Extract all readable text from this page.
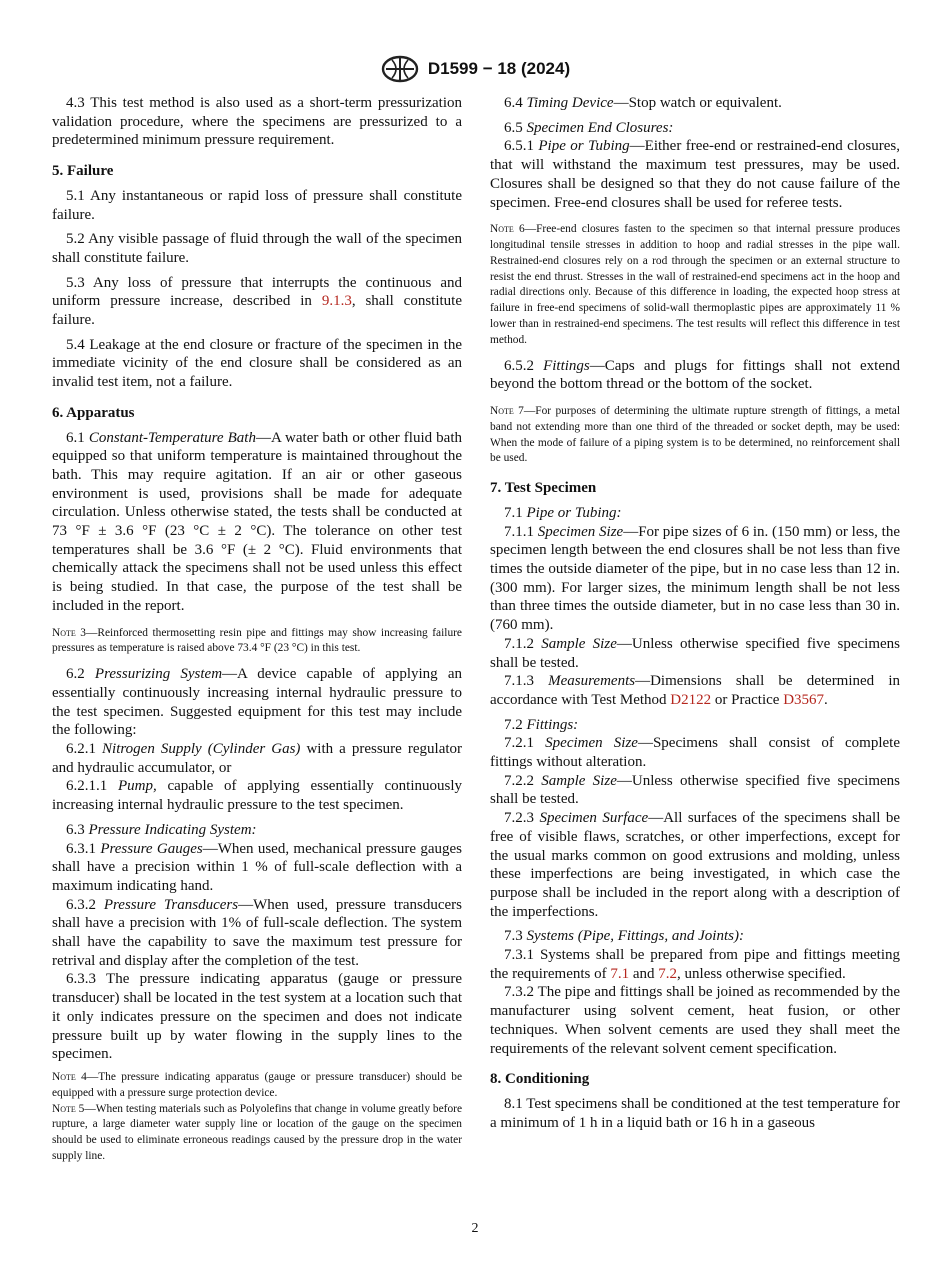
D1599 − 18 (2024)

4.3 This test method is also used as a short-term pressurization validation procedure, where the specimens are pressurized to a predetermined minimum pressure requirement.

5. Failure

5.1 Any instantaneous or rapid loss of pressure shall constitute failure.

5.2 Any visible passage of fluid through the wall of the specimen shall constitute failure.

5.3 Any loss of pressure that interrupts the continuous and uniform pressure increase, described in 9.1.3, shall constitute failure.

5.4 Leakage at the end closure or fracture of the specimen in the immediate vicinity of the end closure shall be considered as an invalid test item, not a failure.

6. Apparatus

6.1 Constant-Temperature Bath—A water bath or other fluid bath equipped so that uniform temperature is maintained throughout the bath. This may require agitation. If an air or other gaseous environment is used, provisions shall be made for adequate circulation. Unless otherwise stated, the tests shall be conducted at 73 °F ± 3.6 °F (23 °C ± 2 °C). The tolerance on other test temperatures shall be 3.6 °F (± 2 °C). Fluid environments that chemically attack the specimens shall not be used unless this effect is being studied. In that case, the purpose of the test shall be included in the report.

Note 3—Reinforced thermosetting resin pipe and fittings may show increasing failure pressures as temperature is raised above 73.4 °F (23 °C) in this test.

6.2 Pressurizing System—A device capable of applying an essentially continuously increasing internal hydraulic pressure to the test specimen. Suggested equipment for this test may include the following:

6.2.1 Nitrogen Supply (Cylinder Gas) with a pressure regulator and hydraulic accumulator, or

6.2.1.1 Pump, capable of applying essentially continuously increasing internal hydraulic pressure to the test specimen.

6.3 Pressure Indicating System:

6.3.1 Pressure Gauges—When used, mechanical pressure gauges shall have a precision within 1 % of full-scale deflection with a maximum indicating hand.

6.3.2 Pressure Transducers—When used, pressure transducers shall have a precision with 1% of full-scale deflection. The system shall have the capability to save the maximum test pressure for retrival and display after the completion of the test.

6.3.3 The pressure indicating apparatus (gauge or pressure transducer) shall be located in the test system at a location such that it only indicates pressure on the specimen and does not indicate pressure built up by water flowing in the supply lines to the specimen.

Note 4—The pressure indicating apparatus (gauge or pressure transducer) should be equipped with a pressure surge protection device.

Note 5—When testing materials such as Polyolefins that change in volume greatly before rupture, a large diameter water supply line or location of the gauge on the specimen should be used to eliminate erroneous readings caused by the pressure drop in the water supply line.

6.4 Timing Device—Stop watch or equivalent.

6.5 Specimen End Closures:

6.5.1 Pipe or Tubing—Either free-end or restrained-end closures, that will withstand the maximum test pressures, may be used. Closures shall be designed so that they do not cause failure of the specimen. Free-end closures shall be used for referee tests.

Note 6—Free-end closures fasten to the specimen so that internal pressure produces longitudinal tensile stresses in addition to hoop and radial stresses in the pipe wall. Restrained-end closures rely on a rod through the specimen or an external structure to resist the end thrust. Stresses in the wall of restrained-end specimens act in the hoop and radial directions only. Because of this difference in loading, the expected hoop stress at failure in free-end specimens of solid-wall thermoplastic pipes are approximately 11 % lower than in restrained-end specimens. The test results will reflect this difference in test method.

6.5.2 Fittings—Caps and plugs for fittings shall not extend beyond the bottom thread or the bottom of the socket.

Note 7—For purposes of determining the ultimate rupture strength of fittings, a metal band not extending more than one third of the threaded or socket depth, may be used: When the mode of failure of a piping system is to be determined, no reinforcement shall be used.

7. Test Specimen

7.1 Pipe or Tubing:

7.1.1 Specimen Size—For pipe sizes of 6 in. (150 mm) or less, the specimen length between the end closures shall be not less than five times the outside diameter of the pipe, but in no case less than 12 in. (300 mm). For larger sizes, the minimum length shall be not less than three times the outside diameter, but in no case less than 30 in. (760 mm).

7.1.2 Sample Size—Unless otherwise specified five specimens shall be tested.

7.1.3 Measurements—Dimensions shall be determined in accordance with Test Method D2122 or Practice D3567.

7.2 Fittings:

7.2.1 Specimen Size—Specimens shall consist of complete fittings without alteration.

7.2.2 Sample Size—Unless otherwise specified five specimens shall be tested.

7.2.3 Specimen Surface—All surfaces of the specimens shall be free of visible flaws, scratches, or other imperfections, except for the usual marks common on good extrusions and molding, unless these imperfections are being investigated, in which case the purpose shall be included in the report along with a description of the imperfections.

7.3 Systems (Pipe, Fittings, and Joints):

7.3.1 Systems shall be prepared from pipe and fittings meeting the requirements of 7.1 and 7.2, unless otherwise specified.

7.3.2 The pipe and fittings shall be joined as recommended by the manufacturer using solvent cement, heat fusion, or other techniques. When solvent cements are used they shall meet the requirements of the relevant solvent cement specification.

8. Conditioning

8.1 Test specimens shall be conditioned at the test temperature for a minimum of 1 h in a liquid bath or 16 h in a gaseous

2
